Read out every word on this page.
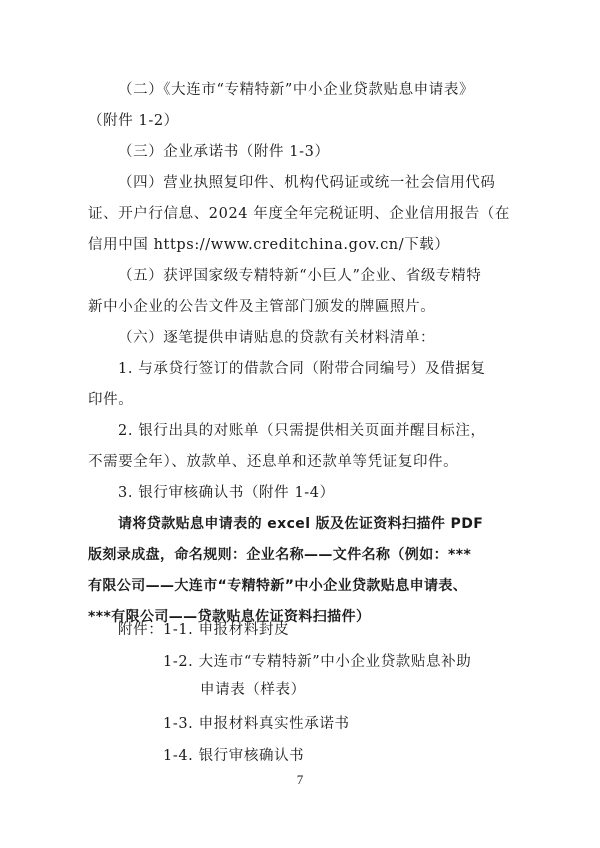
（二）《大连市“专精特新”中小企业贷款贴息申请表》
（附件 1-2）
（三）企业承诺书（附件 1-3）
（四）营业执照复印件、机构代码证或统一社会信用代码
证、开户行信息、2024 年度全年完税证明、企业信用报告（在
信用中国 https://www.creditchina.gov.cn/下载）
（五）获评国家级专精特新“小巨人”企业、省级专精特
新中小企业的公告文件及主管部门颁发的牌匾照片。
（六）逐笔提供申请贴息的贷款有关材料清单：
1. 与承贷行签订的借款合同（附带合同编号）及借据复
印件。
2. 银行出具的对账单（只需提供相关页面并醒目标注，
不需要全年）、放款单、还息单和还款单等凭证复印件。
3. 银行审核确认书（附件 1-4）
请将贷款贴息申请表的 excel 版及佐证资料扫描件 PDF
版刻录成盘，命名规则：企业名称——文件名称（例如：***
有限公司——大连市“专精特新”中小企业贷款贴息申请表、
***有限公司——贷款贴息佐证资料扫描件）
附件： 1-1. 申报材料封皮
1-2. 大连市“专精特新”中小企业贷款贴息补助
申请表（样表）
1-3. 申报材料真实性承诺书
7
1-4. 银行审核确认书
